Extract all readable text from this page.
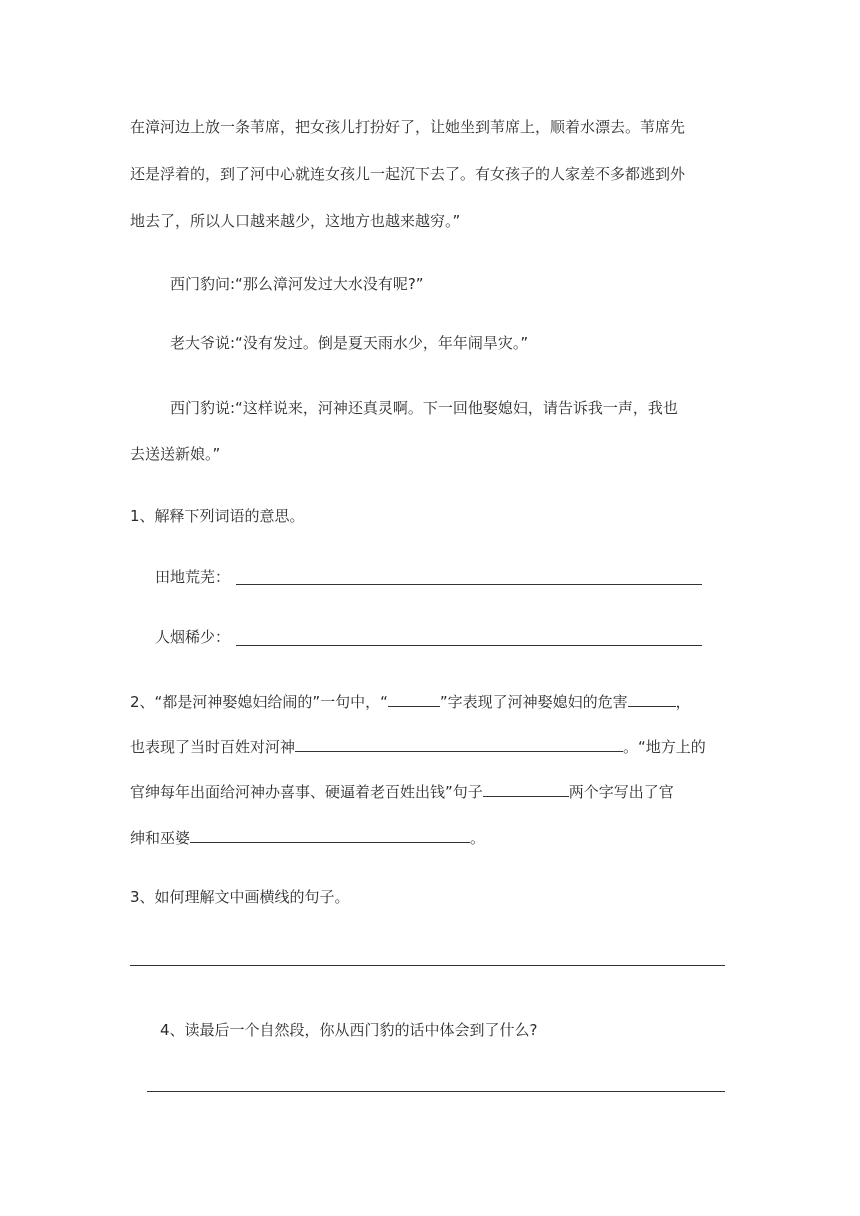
在漳河边上放一条苇席，把女孩儿打扮好了，让她坐到苇席上，顺着水漂去。苇席先
还是浮着的，到了河中心就连女孩儿一起沉下去了。有女孩子的人家差不多都逃到外
地去了，所以人口越来越少，这地方也越来越穷。”
西门豹问:“那么漳河发过大水没有呢?”
老大爷说:“没有发过。倒是夏天雨水少，年年闹旱灾。”
西门豹说:“这样说来，河神还真灵啊。下一回他娶媳妇，请告诉我一声，我也
去送送新娘。”
1、解释下列词语的意思。
田地荒芜：
人烟稀少：
2、“都是河神娶媳妇给闹的”一句中，“	”字表现了河神娶媳妇的危害	，
也表现了当时百姓对河神	。“地方上的
官绅每年出面给河神办喜事、硬逼着老百姓出钱”句子	两个字写出了官
绅和巫婆	。
3、如何理解文中画横线的句子。
4、读最后一个自然段，你从西门豹的话中体会到了什么?
